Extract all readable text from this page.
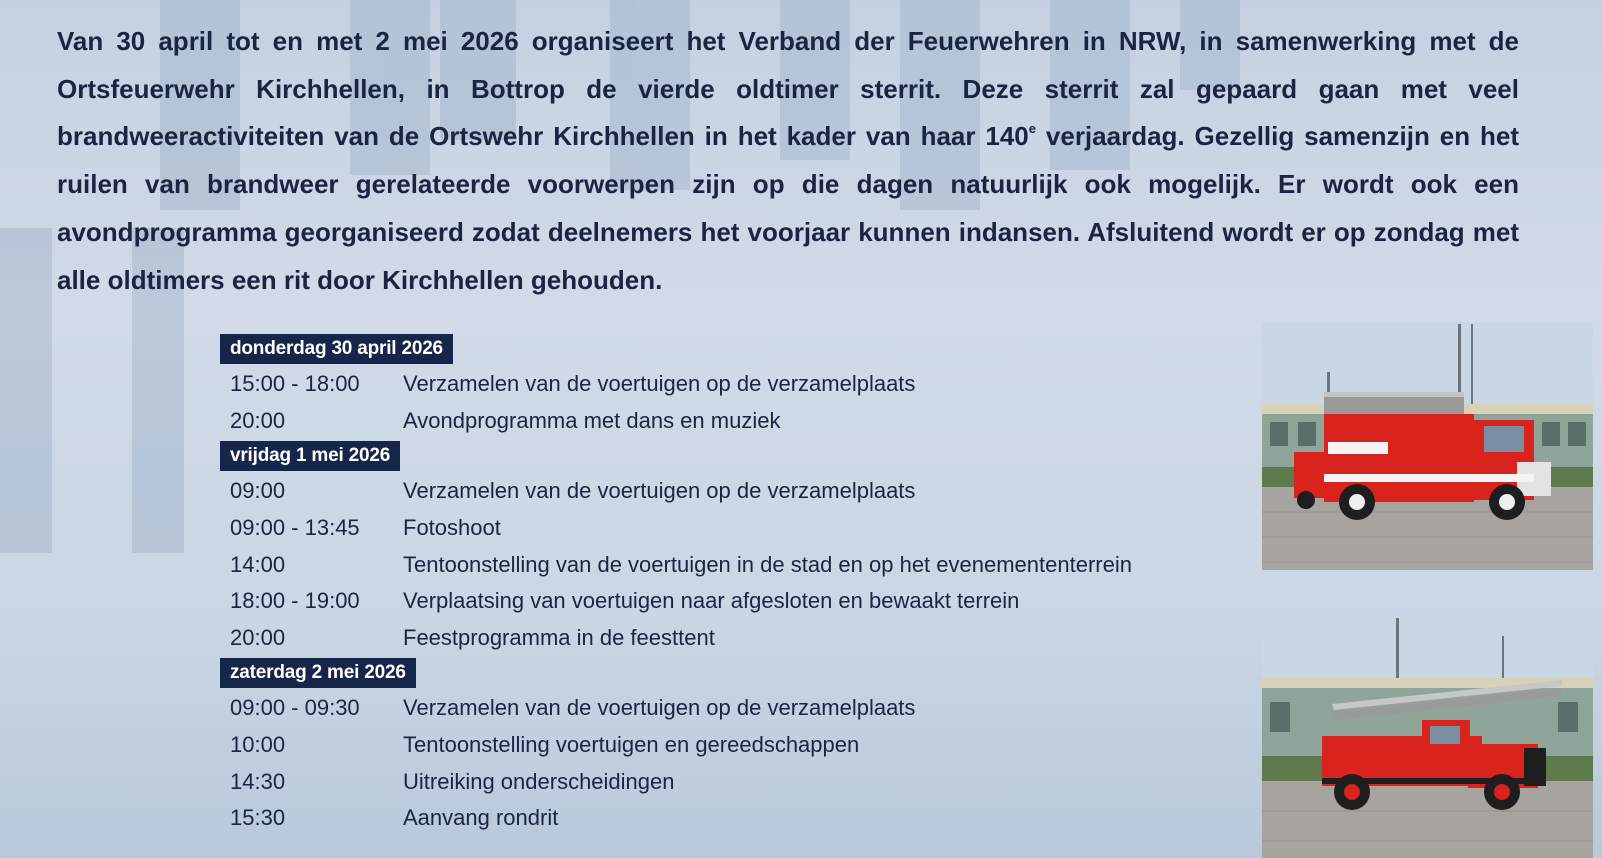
Van 30 april tot en met 2 mei 2026 organiseert het Verband der Feuerwehren in NRW, in samenwerking met de Ortsfeuerwehr Kirchhellen, in Bottrop de vierde oldtimer sterrit. Deze sterrit zal gepaard gaan met veel brandweeractiviteiten van de Ortswehr Kirchhellen in het kader van haar 140e verjaardag. Gezellig samenzijn en het ruilen van brandweer gerelateerde voorwerpen zijn op die dagen natuurlijk ook mogelijk. Er wordt ook een avondprogramma georganiseerd zodat deelnemers het voorjaar kunnen indansen. Afsluitend wordt er op zondag met alle oldtimers een rit door Kirchhellen gehouden.

donderdag 30 april 2026
15:00 - 18:00	Verzamelen van de voertuigen op de verzamelplaats
20:00	Avondprogramma met dans en muziek
vrijdag 1 mei 2026
09:00	Verzamelen van de voertuigen op de verzamelplaats
09:00 - 13:45	Fotoshoot
14:00	Tentoonstelling van de voertuigen in de stad en op het evenemententerrein
18:00 - 19:00	Verplaatsing van voertuigen naar afgesloten en bewaakt terrein
20:00	Feestprogramma in de feesttent
zaterdag 2 mei 2026
09:00 - 09:30	Verzamelen van de voertuigen op de verzamelplaats
10:00	Tentoonstelling voertuigen en gereedschappen
14:30	Uitreiking onderscheidingen
15:30	Aanvang rondrit
